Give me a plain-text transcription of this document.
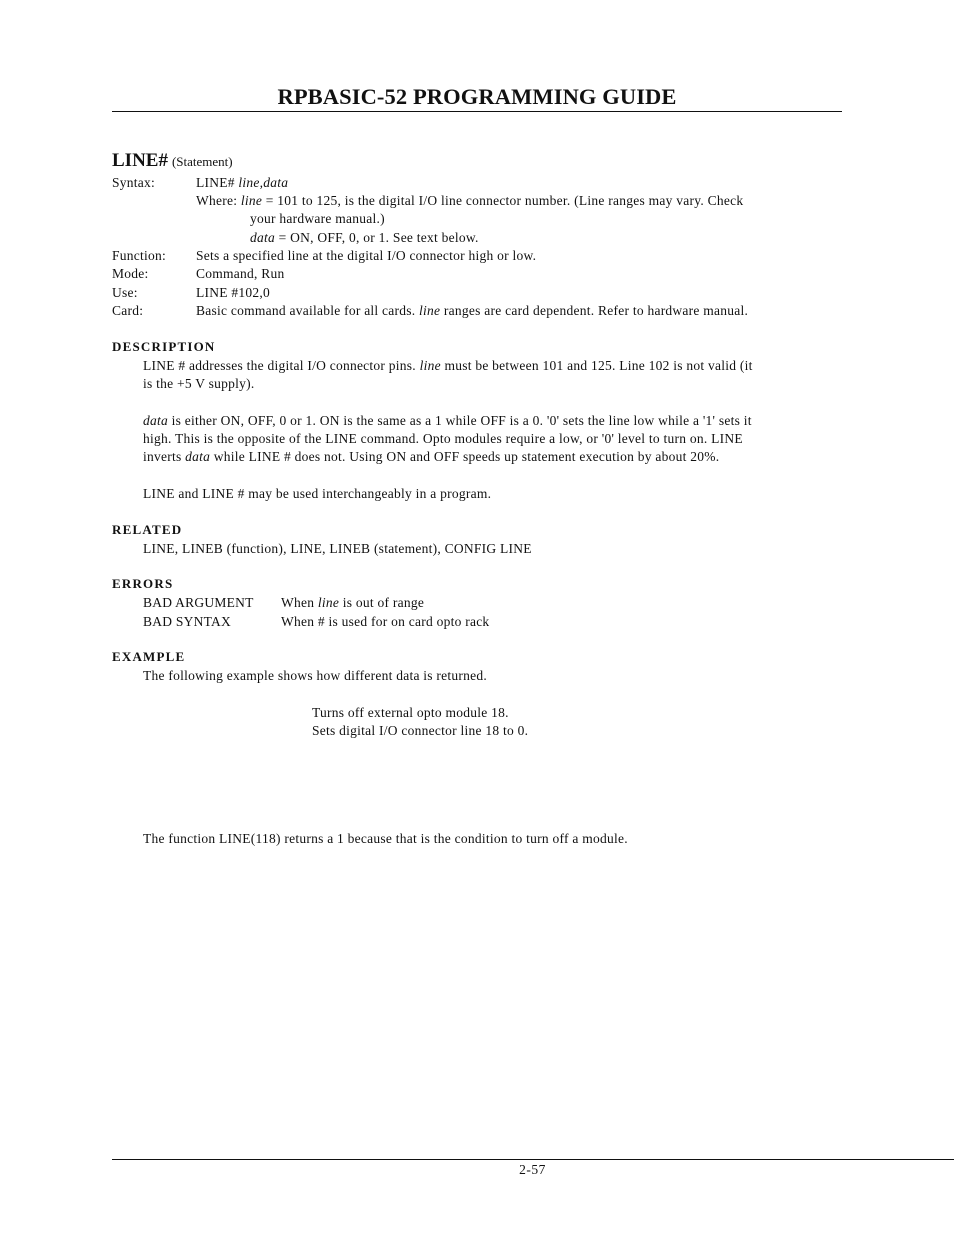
RPBASIC-52 PROGRAMMING GUIDE
LINE# (Statement)
Syntax:	LINE# line,data
Where: line = 101 to 125, is the digital I/O line connector number. (Line ranges may vary. Check
your hardware manual.)
data = ON, OFF, 0, or 1. See text below.
Function: Sets a specified line at the digital I/O connector high or low.
Mode:	Command, Run
Use:	LINE #102,0
Card:	Basic command available for all cards. line ranges are card dependent. Refer to hardware manual.
DESCRIPTION
LINE # addresses the digital I/O connector pins. line must be between 101 and 125. Line 102 is not valid (it
is the +5 V supply).
data is either ON, OFF, 0 or 1. ON is the same as a 1 while OFF is a 0. '0' sets the line low while a '1' sets it
high. This is the opposite of the LINE command. Opto modules require a low, or '0' level to turn on. LINE
inverts data while LINE # does not. Using ON and OFF speeds up statement execution by about 20%.
LINE and LINE # may be used interchangeably in a program.
RELATED
LINE, LINEB (function), LINE, LINEB (statement), CONFIG LINE
ERRORS
BAD ARGUMENT When line is out of range
BAD SYNTAX	When # is used for on card opto rack
EXAMPLE
The following example shows how different data is returned.
Turns off external opto module 18.
Sets digital I/O connector line 18 to 0.
The function LINE(118) returns a 1 because that is the condition to turn off a module.
2-57
